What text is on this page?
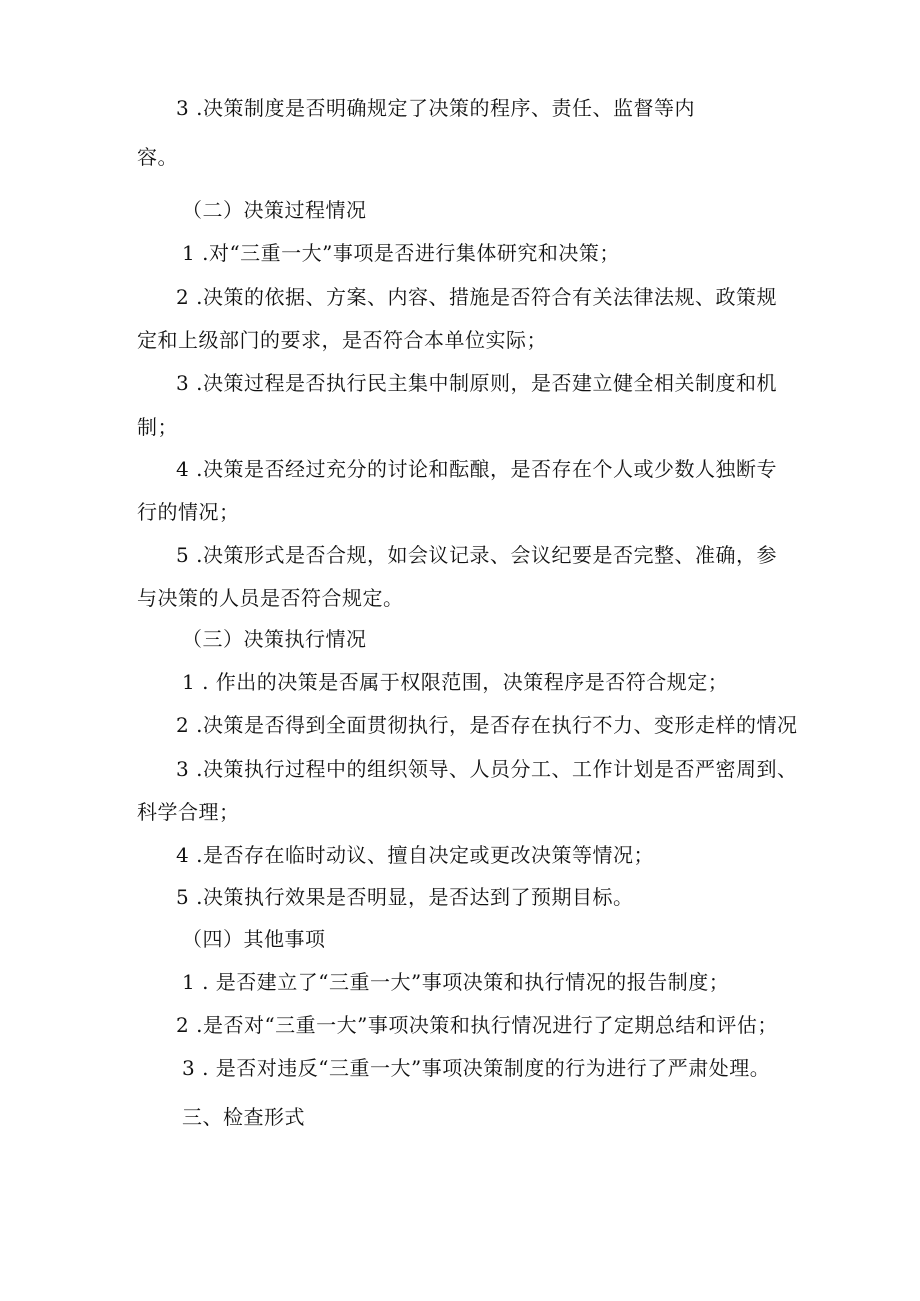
3 .决策制度是否明确规定了决策的程序、责任、监督等内
容。
（二）决策过程情况
1 .对“三重一大”事项是否进行集体研究和决策；
2 .决策的依据、方案、内容、措施是否符合有关法律法规、政策规
定和上级部门的要求，是否符合本单位实际；
3 .决策过程是否执行民主集中制原则，是否建立健全相关制度和机
制；
4 .决策是否经过充分的讨论和酝酿，是否存在个人或少数人独断专
行的情况；
5 .决策形式是否合规，如会议记录、会议纪要是否完整、准确，参
与决策的人员是否符合规定。
（三）决策执行情况
1 . 作出的决策是否属于权限范围，决策程序是否符合规定；
2 .决策是否得到全面贯彻执行，是否存在执行不力、变形走样的情况
3 .决策执行过程中的组织领导、人员分工、工作计划是否严密周到、
科学合理；
4 .是否存在临时动议、擅自决定或更改决策等情况；
5 .决策执行效果是否明显，是否达到了预期目标。
（四）其他事项
1 . 是否建立了“三重一大”事项决策和执行情况的报告制度；
2 .是否对“三重一大”事项决策和执行情况进行了定期总结和评估；
3 . 是否对违反“三重一大”事项决策制度的行为进行了严肃处理。
三、检查形式
